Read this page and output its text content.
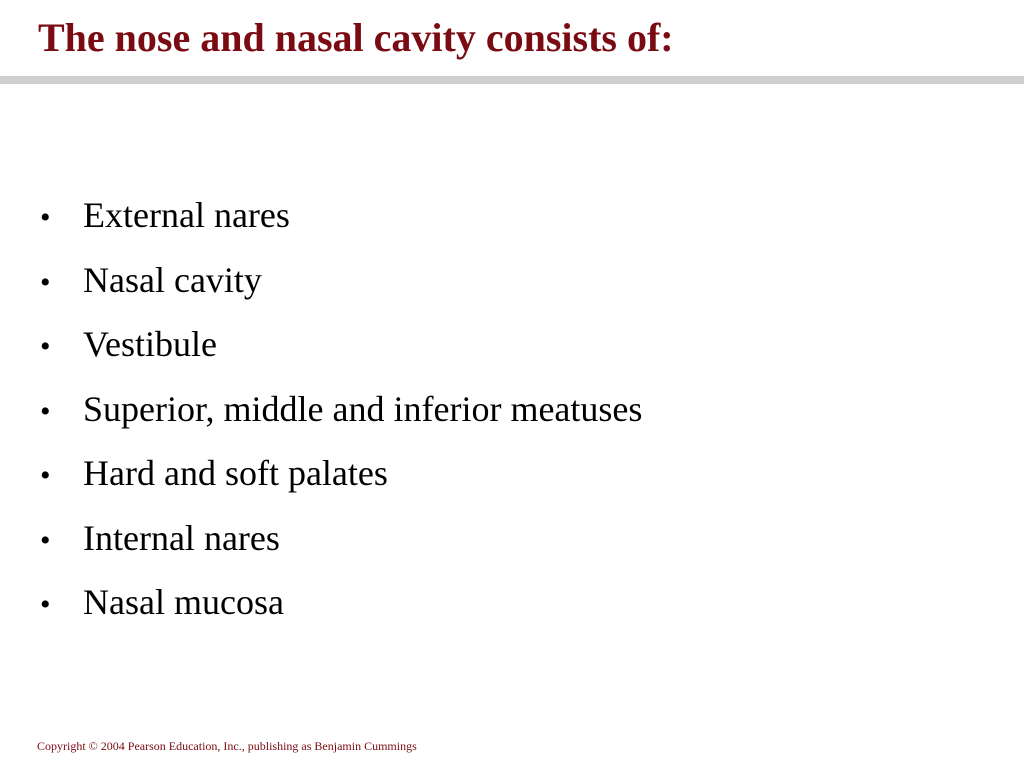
The nose and nasal cavity consists of:
• External nares
• Nasal cavity
• Vestibule
• Superior, middle and inferior meatuses
• Hard and soft palates
• Internal nares
• Nasal mucosa
Copyright © 2004 Pearson Education, Inc., publishing as Benjamin Cummings
